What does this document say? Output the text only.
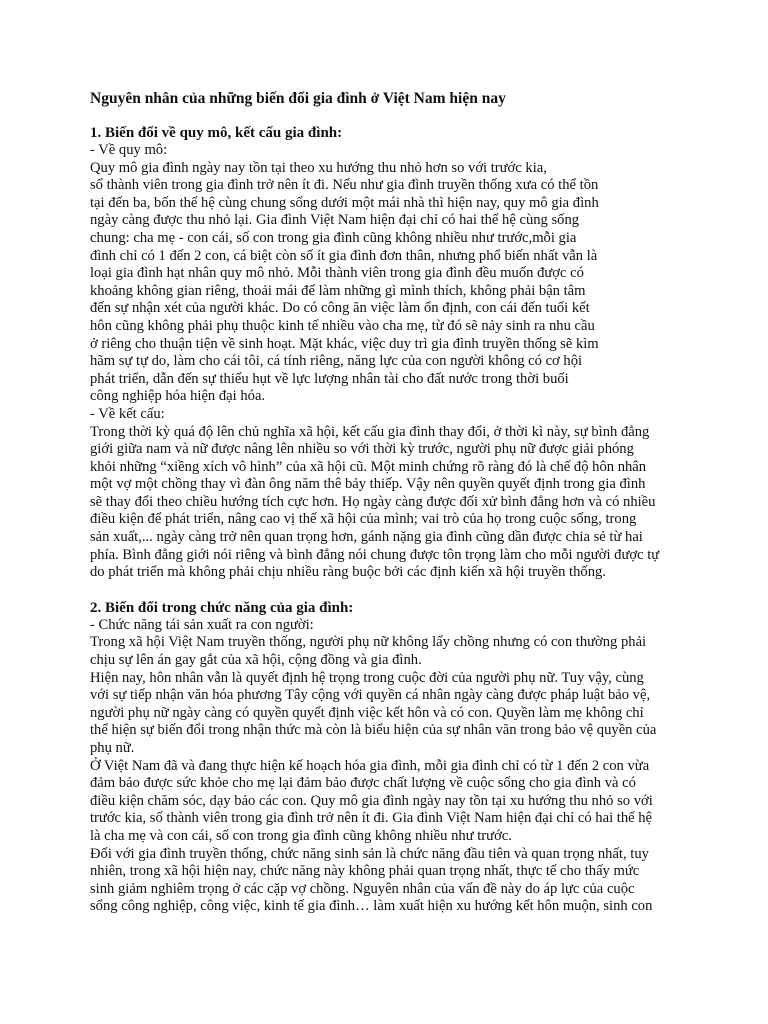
Nguyên nhân của những biến đổi gia đình ở Việt Nam hiện nay
1. Biến đổi về quy mô, kết cấu gia đình:
- Về quy mô:
Quy mô gia đình ngày nay tồn tại theo xu hướng thu nhỏ hơn so với trước kia,
số thành viên trong gia đình trở nên ít đi. Nếu như gia đình truyền thống xưa có thể tồn
tại đến ba, bốn thế hệ cùng chung sống dưới một mái nhà thì hiện nay, quy mô gia đình
ngày càng được thu nhỏ lại. Gia đình Việt Nam hiện đại chỉ có hai thế hệ cùng sống
chung: cha mẹ - con cái, số con trong gia đình cũng không nhiều như trước,mỗi gia
đình chỉ có 1 đến 2 con, cá biệt còn số ít gia đình đơn thân, nhưng phổ biến nhất vẫn là
loại gia đình hạt nhân quy mô nhỏ. Mỗi thành viên trong gia đình đều muốn được có
khoảng không gian riêng, thoải mái để làm những gì mình thích, không phải bận tâm
đến sự nhận xét của người khác. Do có công ăn việc làm ổn định, con cái đến tuổi kết
hôn cũng không phải phụ thuộc kinh tế nhiều vào cha mẹ, từ đó sẽ nảy sinh ra nhu cầu
ở riêng cho thuận tiện về sinh hoạt. Mặt khác, việc duy trì gia đình truyền thống sẽ kìm
hãm sự tự do, làm cho cái tôi, cá tính riêng, năng lực của con người không có cơ hội
phát triển, dẫn đến sự thiếu hụt về lực lượng nhân tài cho đất nước trong thời buổi
công nghiệp hóa hiện đại hóa.
- Về kết cấu:
Trong thời kỳ quá độ lên chủ nghĩa xã hội, kết cấu gia đình thay đổi, ở thời kì này, sự bình đẳng
giới giữa nam và nữ được nâng lên nhiều so với thời kỳ trước, người phụ nữ được giải phóng
khỏi những “xiềng xích vô hình” của xã hội cũ. Một minh chứng rõ ràng đó là chế độ hôn nhân
một vợ một chồng thay vì đàn ông năm thê bảy thiếp. Vậy nên quyền quyết định trong gia đình
sẽ thay đổi theo chiều hướng tích cực hơn. Họ ngày càng được đối xử bình đẳng hơn và có nhiều
điều kiện để phát triển, nâng cao vị thế xã hội của mình; vai trò của họ trong cuộc sống, trong
sản xuất,... ngày càng trở nên quan trọng hơn, gánh nặng gia đình cũng dần được chia sẻ từ hai
phía. Bình đẳng giới nói riêng và bình đẳng nói chung được tôn trọng làm cho mỗi người được tự
do phát triển mà không phải chịu nhiều ràng buộc bởi các định kiến xã hội truyền thống.
2. Biến đổi trong chức năng của gia đình:
- Chức năng tái sản xuất ra con người:
Trong xã hội Việt Nam truyền thống, người phụ nữ không lấy chồng nhưng có con thường phải
chịu sự lên án gay gắt của xã hội, cộng đồng và gia đình.
Hiện nay, hôn nhân vẫn là quyết định hệ trọng trong cuộc đời của người phụ nữ. Tuy vậy, cùng
với sự tiếp nhận văn hóa phương Tây cộng với quyền cá nhân ngày càng được pháp luật bảo vệ,
người phụ nữ ngày càng có quyền quyết định việc kết hôn và có con. Quyền làm mẹ không chỉ
thể hiện sự biến đổi trong nhận thức mà còn là biểu hiện của sự nhân văn trong bảo vệ quyền của
phụ nữ.
Ở Việt Nam đã và đang thực hiện kế hoạch hóa gia đình, mỗi gia đình chỉ có từ 1 đến 2 con vừa
đảm bảo được sức khỏe cho mẹ lại đảm bảo được chất lượng về cuộc sống cho gia đình và có
điều kiện chăm sóc, dạy bảo các con. Quy mô gia đình ngày nay tồn tại xu hướng thu nhỏ so với
trước kia, số thành viên trong gia đình trở nên ít đi. Gia đình Việt Nam hiện đại chỉ có hai thế hệ
là cha mẹ và con cái, số con trong gia đình cũng không nhiều như trước.
Đối với gia đình truyền thống, chức năng sinh sản là chức năng đầu tiên và quan trọng nhất, tuy
nhiên, trong xã hội hiện nay, chức năng này không phải quan trọng nhất, thực tế cho thấy mức
sinh giảm nghiêm trọng ở các cặp vợ chồng. Nguyên nhân của vấn đề này do áp lực của cuộc
sống công nghiệp, công việc, kinh tế gia đình… làm xuất hiện xu hướng kết hôn muộn, sinh con
